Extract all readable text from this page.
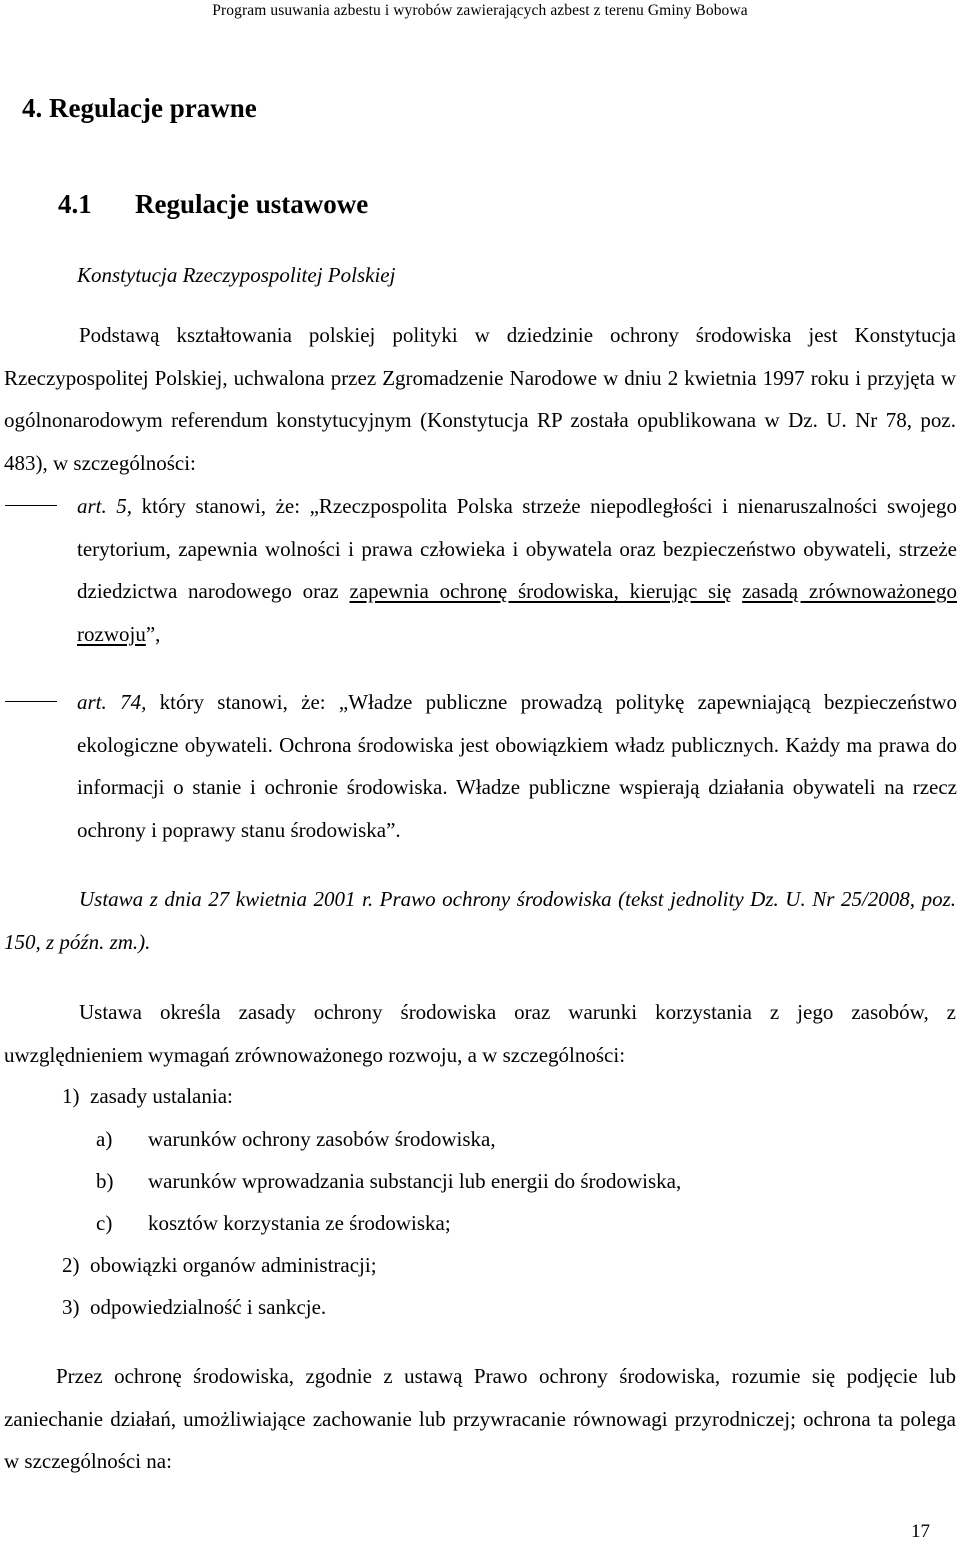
Program usuwania azbestu i wyrobów zawierających azbest z terenu Gminy Bobowa
4. Regulacje prawne
4.1 Regulacje ustawowe
Konstytucja Rzeczypospolitej Polskiej

Podstawą kształtowania polskiej polityki w dziedzinie ochrony środowiska jest Konstytucja Rzeczypospolitej Polskiej, uchwalona przez Zgromadzenie Narodowe w dniu 2 kwietnia 1997 roku i przyjęta w ogólnonarodowym referendum konstytucyjnym (Konstytucja RP została opublikowana w Dz. U. Nr 78, poz. 483), w szczególności:

art. 5, który stanowi, że: „Rzeczpospolita Polska strzeże niepodległości i nienaruszalności swojego terytorium, zapewnia wolności i prawa człowieka i obywatela oraz bezpieczeństwo obywateli, strzeże dziedzictwa narodowego oraz zapewnia ochronę środowiska, kierując się zasadą zrównoważonego rozwoju”,

art. 74, który stanowi, że: „Władze publiczne prowadzą politykę zapewniającą bezpieczeństwo ekologiczne obywateli. Ochrona środowiska jest obowiązkiem władz publicznych. Każdy ma prawa do informacji o stanie i ochronie środowiska. Władze publiczne wspierają działania obywateli na rzecz ochrony i poprawy stanu środowiska”.

Ustawa z dnia 27 kwietnia 2001 r. Prawo ochrony środowiska (tekst jednolity Dz. U. Nr 25/2008, poz. 150, z późn. zm.).

Ustawa określa zasady ochrony środowiska oraz warunki korzystania z jego zasobów, z uwzględnieniem wymagań zrównoważonego rozwoju, a w szczególności:

1) zasady ustalania:
a) warunków ochrony zasobów środowiska,
b) warunków wprowadzania substancji lub energii do środowiska,
c) kosztów korzystania ze środowiska;
2) obowiązki organów administracji;
3) odpowiedzialność i sankcje.

Przez ochronę środowiska, zgodnie z ustawą Prawo ochrony środowiska, rozumie się podjęcie lub zaniechanie działań, umożliwiające zachowanie lub przywracanie równowagi przyrodniczej; ochrona ta polega w szczególności na:

17
